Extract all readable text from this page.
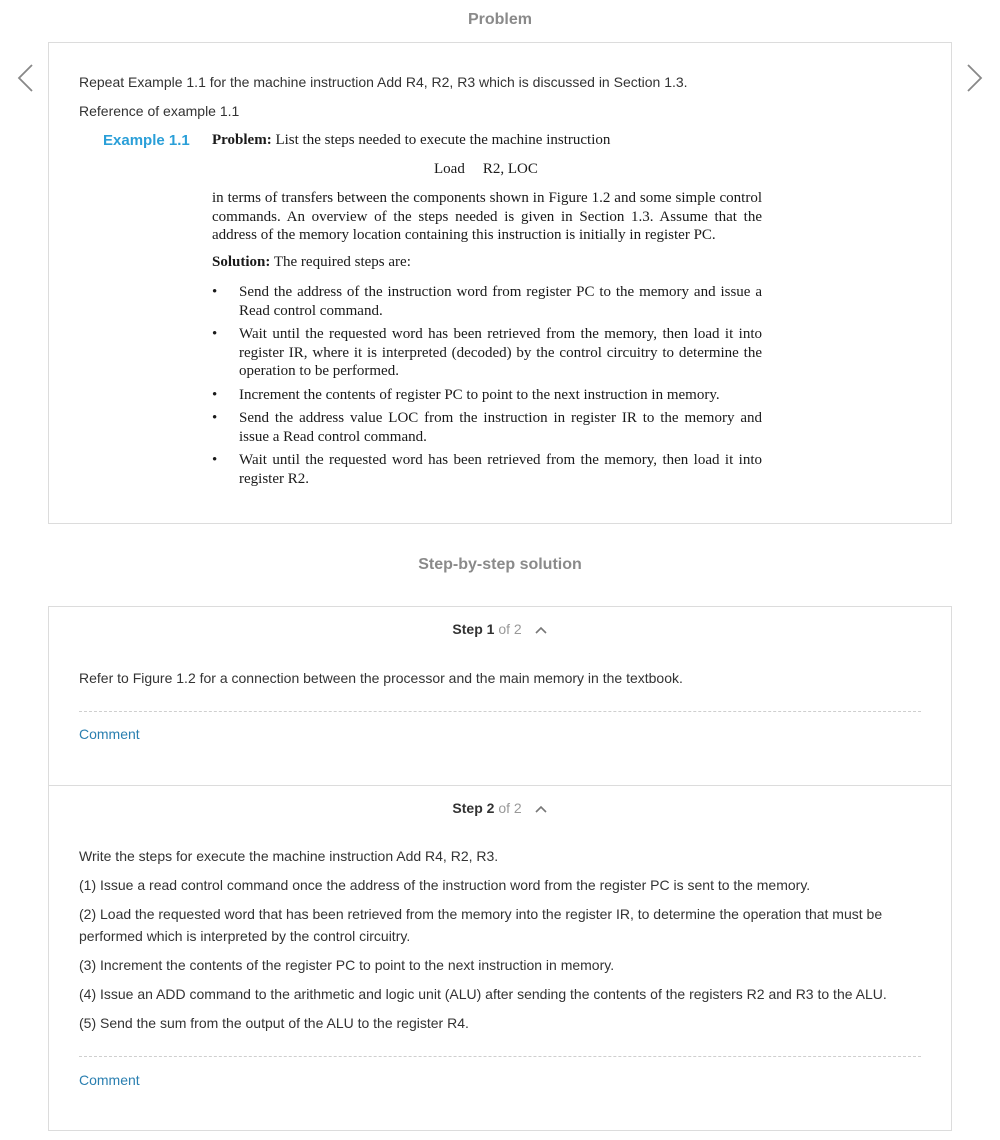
Problem
Repeat Example 1.1 for the machine instruction Add R4, R2, R3 which is discussed in Section 1.3.
Reference of example 1.1
Example 1.1 Problem: List the steps needed to execute the machine instruction
Load R2, LOC
in terms of transfers between the components shown in Figure 1.2 and some simple control commands. An overview of the steps needed is given in Section 1.3. Assume that the address of the memory location containing this instruction is initially in register PC.
Solution: The required steps are:
• Send the address of the instruction word from register PC to the memory and issue a Read control command.
• Wait until the requested word has been retrieved from the memory, then load it into register IR, where it is interpreted (decoded) by the control circuitry to determine the operation to be performed.
• Increment the contents of register PC to point to the next instruction in memory.
• Send the address value LOC from the instruction in register IR to the memory and issue a Read control command.
• Wait until the requested word has been retrieved from the memory, then load it into register R2.
Step-by-step solution
Step 1 of 2

Refer to Figure 1.2 for a connection between the processor and the main memory in the textbook.

Comment
Step 2 of 2

Write the steps for execute the machine instruction Add R4, R2, R3.

(1) Issue a read control command once the address of the instruction word from the register PC is sent to the memory.

(2) Load the requested word that has been retrieved from the memory into the register IR, to determine the operation that must be performed which is interpreted by the control circuitry.

(3) Increment the contents of the register PC to point to the next instruction in memory.

(4) Issue an ADD command to the arithmetic and logic unit (ALU) after sending the contents of the registers R2 and R3 to the ALU.

(5) Send the sum from the output of the ALU to the register R4.

Comment
